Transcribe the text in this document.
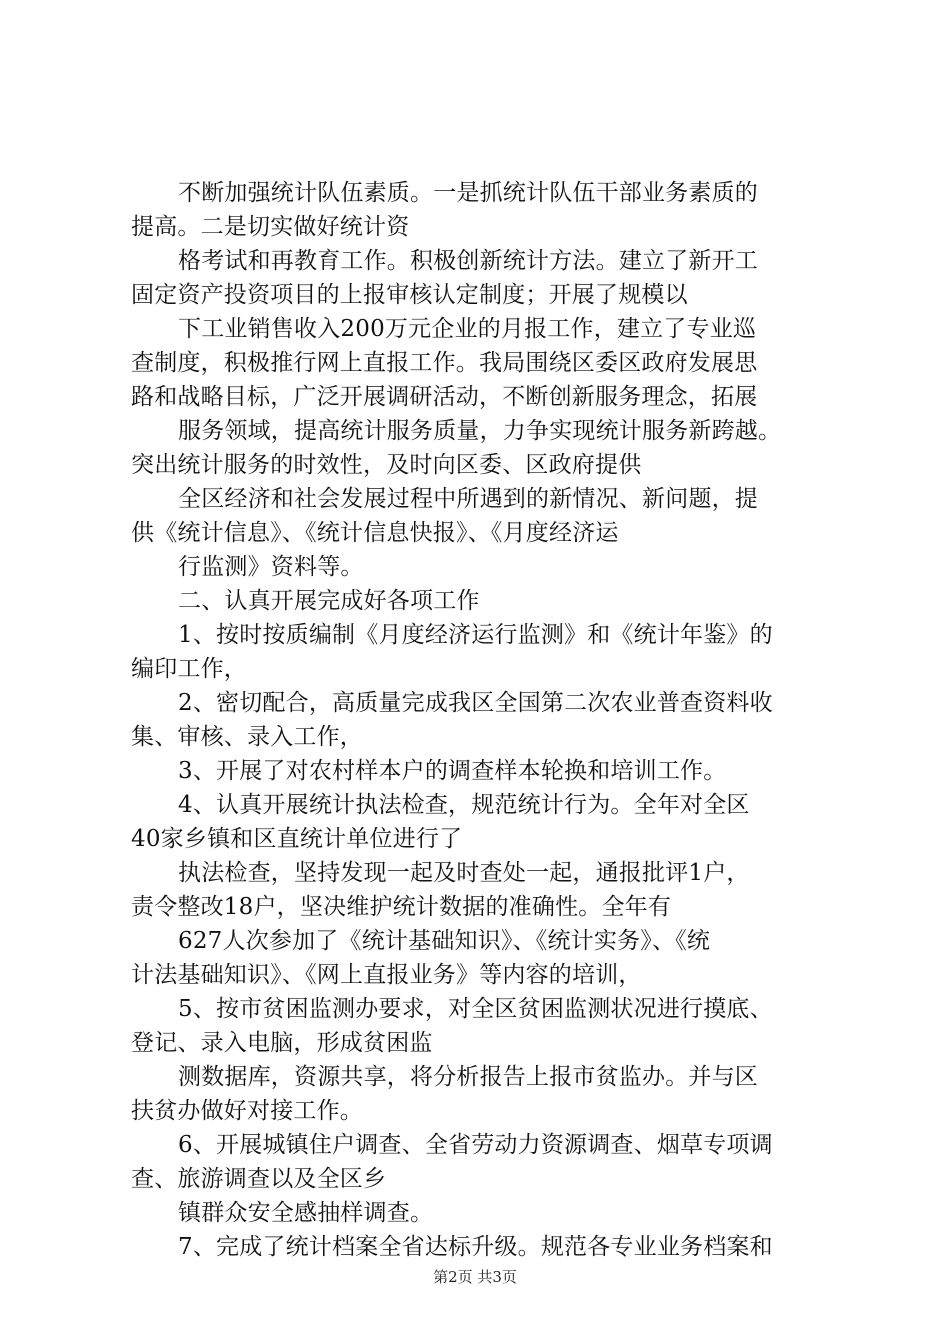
不断加强统计队伍素质。一是抓统计队伍干部业务素质的
提高。二是切实做好统计资
格考试和再教育工作。积极创新统计方法。建立了新开工
固定资产投资项目的上报审核认定制度；开展了规模以
下工业销售收入200万元企业的月报工作，建立了专业巡
查制度，积极推行网上直报工作。我局围绕区委区政府发展思
路和战略目标，广泛开展调研活动，不断创新服务理念，拓展
服务领域，提高统计服务质量，力争实现统计服务新跨越。
突出统计服务的时效性，及时向区委、区政府提供
全区经济和社会发展过程中所遇到的新情况、新问题，提
供《统计信息》、《统计信息快报》、《月度经济运
行监测》资料等。
二、认真开展完成好各项工作
1、按时按质编制《月度经济运行监测》和《统计年鉴》的
编印工作，
2、密切配合，高质量完成我区全国第二次农业普查资料收
集、审核、录入工作，
3、开展了对农村样本户的调查样本轮换和培训工作。
4、认真开展统计执法检查，规范统计行为。全年对全区
40家乡镇和区直统计单位进行了
执法检查，坚持发现一起及时查处一起，通报批评1户，
责令整改18户，坚决维护统计数据的准确性。全年有
627人次参加了《统计基础知识》、《统计实务》、《统
计法基础知识》、《网上直报业务》等内容的培训，
5、按市贫困监测办要求，对全区贫困监测状况进行摸底、
登记、录入电脑，形成贫困监
测数据库，资源共享，将分析报告上报市贫监办。并与区
扶贫办做好对接工作。
6、开展城镇住户调查、全省劳动力资源调查、烟草专项调
查、旅游调查以及全区乡
镇群众安全感抽样调查。
7、完成了统计档案全省达标升级。规范各专业业务档案和
第2页 共3页
